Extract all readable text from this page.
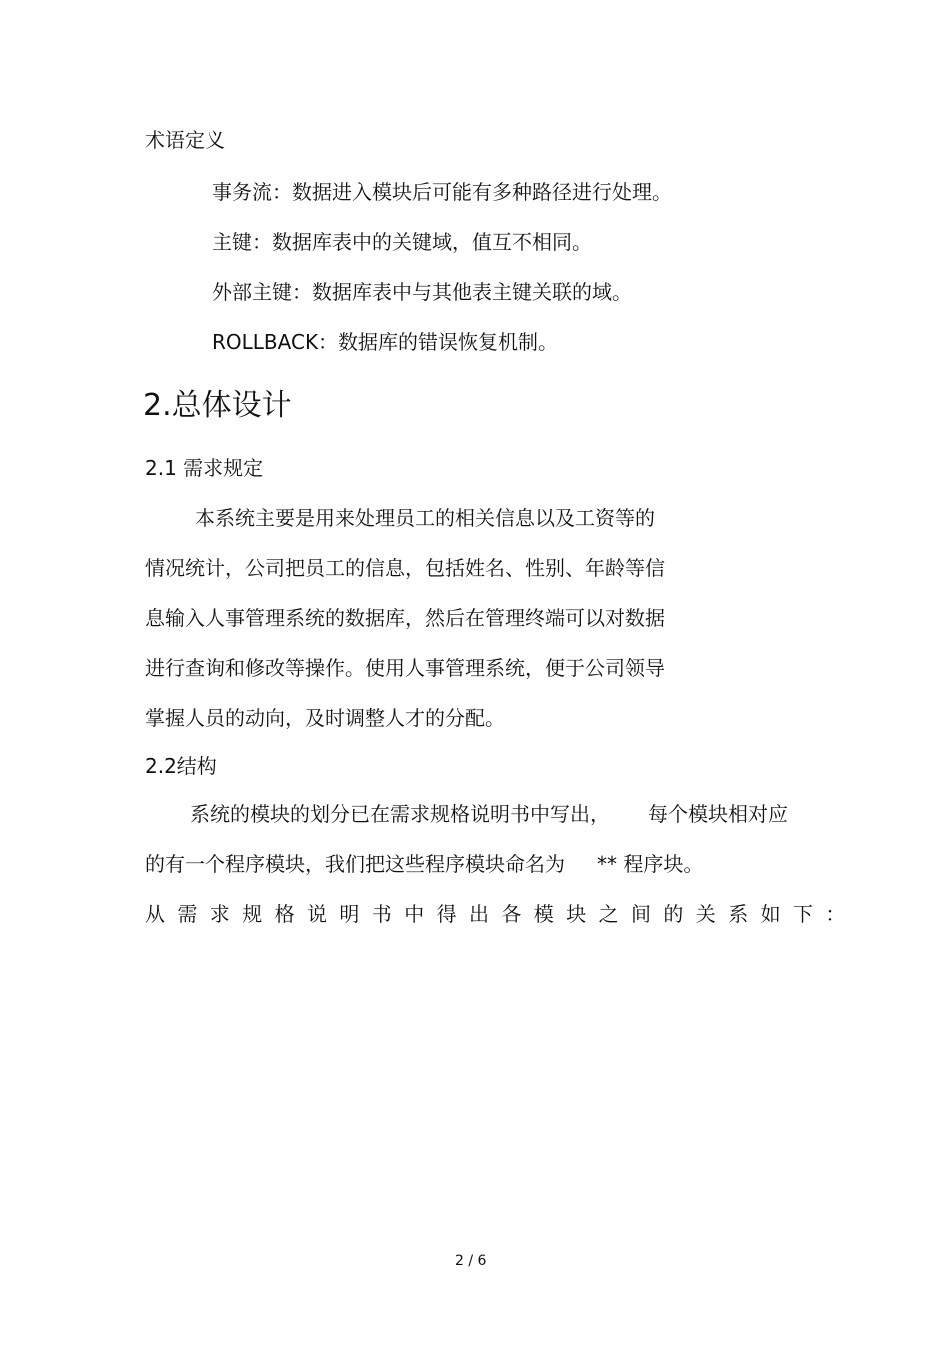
术语定义
事务流：数据进入模块后可能有多种路径进行处理。
主键：数据库表中的关键域，值互不相同。
外部主键：数据库表中与其他表主键关联的域。
ROLLBACK：数据库的错误恢复机制。
2.总体设计
2.1 需求规定
本系统主要是用来处理员工的相关信息以及工资等的
情况统计，公司把员工的信息，包括姓名、性别、年龄等信
息输入人事管理系统的数据库，然后在管理终端可以对数据
进行查询和修改等操作。使用人事管理系统，便于公司领导
掌握人员的动向，及时调整人才的分配。
2.2结构
系统的模块的划分已在需求规格说明书中写出， 每个模块相对应
的有一个程序模块，我们把这些程序模块命名为 ** 程序块。
从需求规格说明书中得出各模块之间的关系如下：
2 / 6
